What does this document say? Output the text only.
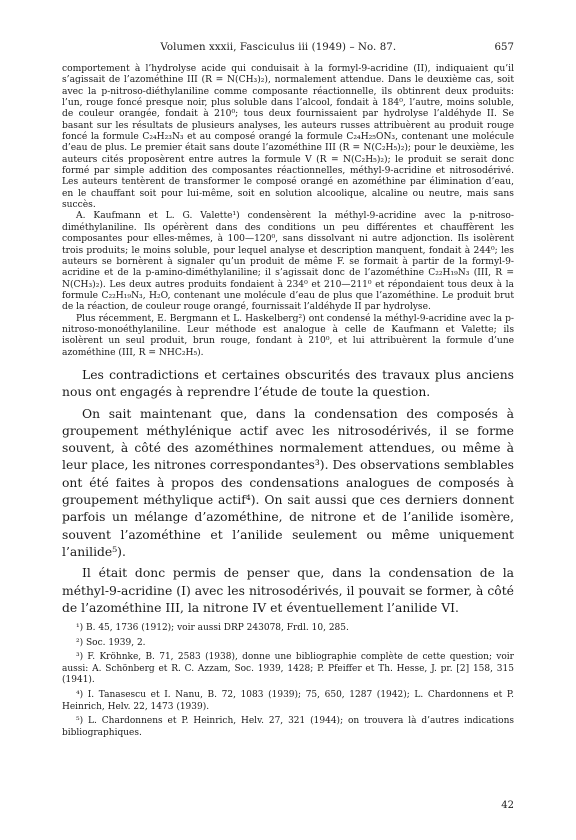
Volumen xxxii, Fasciculus iii (1949) – No. 87.	657

comportement à l’hydrolyse acide qui conduisait à la formyl-9-acridine (II), indiquaient qu’il s’agissait de l’azométhine III (R = N(CH₃)₂), normalement attendue. Dans le deuxième cas, soit avec la p-nitroso-diéthylaniline comme composante réactionnelle, ils obtinrent deux produits: l’un, rouge foncé presque noir, plus soluble dans l’alcool, fondait à 184⁰, l’autre, moins soluble, de couleur orangée, fondait à 210⁰; tous deux fournissaient par hydrolyse l’aldéhyde II. Se basant sur les résultats de plusieurs analyses, les auteurs russes attribuèrent au produit rouge foncé la formule C₂₄H₂₃N₃ et au composé orangé la formule C₂₄H₂₅ON₃, contenant une molécule d’eau de plus. Le premier était sans doute l’azométhine III (R = N(C₂H₅)₂); pour le deuxième, les auteurs cités proposèrent entre autres la formule V (R = N(C₂H₅)₂); le produit se serait donc formé par simple addition des composantes réactionnelles, méthyl-9-acridine et nitrosodérivé. Les auteurs tentèrent de transformer le composé orangé en azométhine par élimination d’eau, en le chauffant soit pour lui-même, soit en solution alcoolique, alcaline ou neutre, mais sans succès.

A. Kaufmann et L. G. Valette¹) condensèrent la méthyl-9-acridine avec la p-nitroso-diméthylaniline. Ils opérèrent dans des conditions un peu différentes et chauffèrent les composantes pour elles-mêmes, à 100—120⁰, sans dissolvant ni autre adjonction. Ils isolèrent trois produits; le moins soluble, pour lequel analyse et description manquent, fondait à 244⁰; les auteurs se bornèrent à signaler qu’un produit de même F. se formait à partir de la formyl-9-acridine et de la p-amino-diméthylaniline; il s’agissait donc de l’azométhine C₂₂H₁₉N₃ (III, R = N(CH₃)₂). Les deux autres produits fondaient à 234⁰ et 210—211⁰ et répondaient tous deux à la formule C₂₂H₁₉N₃, H₂O, contenant une molécule d’eau de plus que l’azométhine. Le produit brut de la réaction, de couleur rouge orangé, fournissait l’aldéhyde II par hydrolyse.

Plus récemment, E. Bergmann et L. Haskelberg²) ont condensé la méthyl-9-acridine avec la p-nitroso-monoéthylaniline. Leur méthode est analogue à celle de Kaufmann et Valette; ils isolèrent un seul produit, brun rouge, fondant à 210⁰, et lui attribuèrent la formule d’une azométhine (III, R = NHC₂H₅).

Les contradictions et certaines obscurités des travaux plus anciens nous ont engagés à reprendre l’étude de toute la question.

On sait maintenant que, dans la condensation des composés à groupement méthylénique actif avec les nitrosodérivés, il se forme souvent, à côté des azométhines normalement attendues, ou même à leur place, les nitrones correspondantes³). Des observations semblables ont été faites à propos des condensations analogues de composés à groupement méthylique actif⁴). On sait aussi que ces derniers donnent parfois un mélange d’azométhine, de nitrone et de l’anilide isomère, souvent l’azométhine et l’anilide seulement ou même uniquement l’anilide⁵).

Il était donc permis de penser que, dans la condensation de la méthyl-9-acridine (I) avec les nitrosodérivés, il pouvait se former, à côté de l’azométhine III, la nitrone IV et éventuellement l’anilide VI.

¹) B. 45, 1736 (1912); voir aussi DRP 243078, Frdl. 10, 285.
²) Soc. 1939, 2.
³) F. Kröhnke, B. 71, 2583 (1938), donne une bibliographie complète de cette question; voir aussi: A. Schönberg et R. C. Azzam, Soc. 1939, 1428; P. Pfeiffer et Th. Hesse, J. pr. [2] 158, 315 (1941).
⁴) I. Tanasescu et I. Nanu, B. 72, 1083 (1939); 75, 650, 1287 (1942); L. Chardonnens et P. Heinrich, Helv. 22, 1473 (1939).
⁵) L. Chardonnens et P. Heinrich, Helv. 27, 321 (1944); on trouvera là d’autres indications bibliographiques.
42
